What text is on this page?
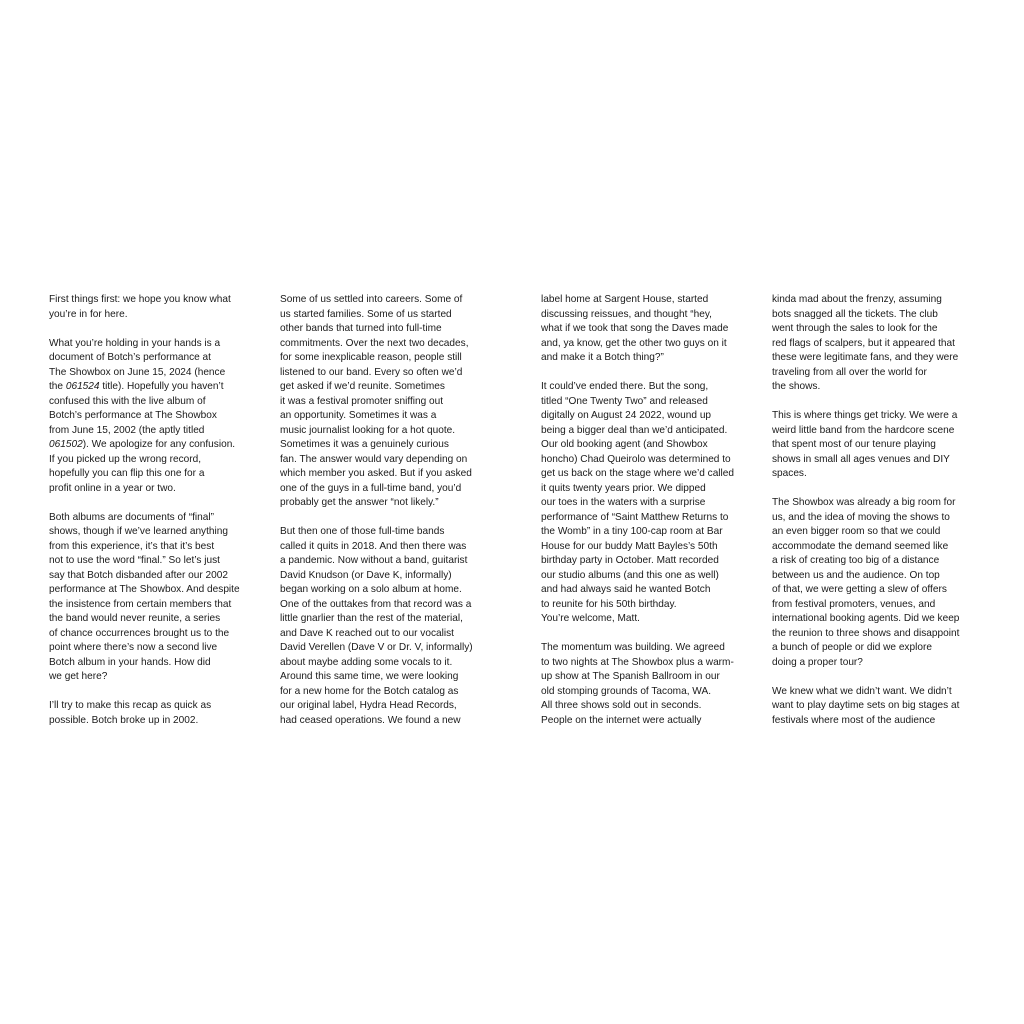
First things first: we hope you know what
you’re in for here.

What you’re holding in your hands is a
document of Botch’s performance at
The Showbox on June 15, 2024 (hence
the 061524 title). Hopefully you haven’t
confused this with the live album of
Botch’s performance at The Showbox
from June 15, 2002 (the aptly titled
061502). We apologize for any confusion.
If you picked up the wrong record,
hopefully you can flip this one for a
profit online in a year or two.

Both albums are documents of “final”
shows, though if we’ve learned anything
from this experience, it’s that it’s best
not to use the word “final.” So let’s just
say that Botch disbanded after our 2002
performance at The Showbox. And despite
the insistence from certain members that
the band would never reunite, a series
of chance occurrences brought us to the
point where there’s now a second live
Botch album in your hands. How did
we get here?

I’ll try to make this recap as quick as
possible. Botch broke up in 2002.

Some of us settled into careers. Some of
us started families. Some of us started
other bands that turned into full-time
commitments. Over the next two decades,
for some inexplicable reason, people still
listened to our band. Every so often we’d
get asked if we’d reunite. Sometimes
it was a festival promoter sniffing out
an opportunity. Sometimes it was a
music journalist looking for a hot quote.
Sometimes it was a genuinely curious
fan. The answer would vary depending on
which member you asked. But if you asked
one of the guys in a full-time band, you’d
probably get the answer “not likely.”

But then one of those full-time bands
called it quits in 2018. And then there was
a pandemic. Now without a band, guitarist
David Knudson (or Dave K, informally)
began working on a solo album at home.
One of the outtakes from that record was a
little gnarlier than the rest of the material,
and Dave K reached out to our vocalist
David Verellen (Dave V or Dr. V, informally)
about maybe adding some vocals to it.
Around this same time, we were looking
for a new home for the Botch catalog as
our original label, Hydra Head Records,
had ceased operations. We found a new

label home at Sargent House, started
discussing reissues, and thought “hey,
what if we took that song the Daves made
and, ya know, get the other two guys on it
and make it a Botch thing?”

It could’ve ended there. But the song,
titled “One Twenty Two” and released
digitally on August 24 2022, wound up
being a bigger deal than we’d anticipated.
Our old booking agent (and Showbox
honcho) Chad Queirolo was determined to
get us back on the stage where we’d called
it quits twenty years prior. We dipped
our toes in the waters with a surprise
performance of “Saint Matthew Returns to
the Womb” in a tiny 100-cap room at Bar
House for our buddy Matt Bayles’s 50th
birthday party in October. Matt recorded
our studio albums (and this one as well)
and had always said he wanted Botch
to reunite for his 50th birthday.
You’re welcome, Matt.

The momentum was building. We agreed
to two nights at The Showbox plus a warm-
up show at The Spanish Ballroom in our
old stomping grounds of Tacoma, WA.
All three shows sold out in seconds.
People on the internet were actually

kinda mad about the frenzy, assuming
bots snagged all the tickets. The club
went through the sales to look for the
red flags of scalpers, but it appeared that
these were legitimate fans, and they were
traveling from all over the world for
the shows.

This is where things get tricky. We were a
weird little band from the hardcore scene
that spent most of our tenure playing
shows in small all ages venues and DIY
spaces.

The Showbox was already a big room for
us, and the idea of moving the shows to
an even bigger room so that we could
accommodate the demand seemed like
a risk of creating too big of a distance
between us and the audience. On top
of that, we were getting a slew of offers
from festival promoters, venues, and
international booking agents. Did we keep
the reunion to three shows and disappoint
a bunch of people or did we explore
doing a proper tour?

We knew what we didn’t want. We didn’t
want to play daytime sets on big stages at
festivals where most of the audience
